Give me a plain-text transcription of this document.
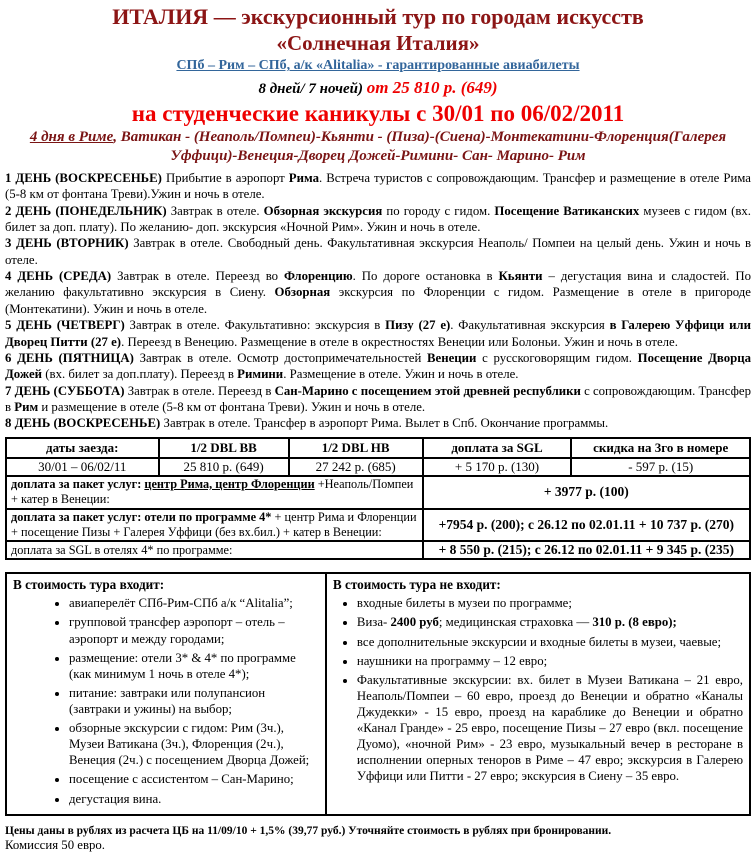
ИТАЛИЯ — экскурсионный тур по городам искусств
«Солнечная Италия»
СПб – Рим – СПб, а/к «Alitalia» - гарантированные авиабилеты
8 дней/ 7 ночей) от 25 810 р. (649)
на студенческие каникулы с 30/01 по 06/02/2011
4 дня в Риме, Ватикан - (Неаполь/Помпеи)-Кьянти - (Пиза)-(Сиена)-Монтекатини-Флоренция(Галерея Уффици)-Венеция-Дворец Дожей-Римини- Сан- Марино- Рим

1 ДЕНЬ (ВОСКРЕСЕНЬЕ) Прибытие в аэропорт Рима. Встреча туристов с сопровождающим. Трансфер и размещение в отеле Рима (5-8 км от фонтана Треви).Ужин и ночь в отеле.

2 ДЕНЬ (ПОНЕДЕЛЬНИК) Завтрак в отеле. Обзорная экскурсия по городу с гидом. Посещение Ватиканских музеев с гидом (вх. билет за доп. плату). По желанию- доп. экскурсия «Ночной Рим». Ужин и ночь в отеле.

3 ДЕНЬ (ВТОРНИК) Завтрак в отеле. Свободный день. Факультативная экскурсия Неаполь/ Помпеи на целый день. Ужин и ночь в отеле.

4 ДЕНЬ (СРЕДА) Завтрак в отеле. Переезд во Флоренцию. По дороге остановка в Кьянти – дегустация вина и сладостей. По желанию факультативно экскурсия в Сиену. Обзорная экскурсия по Флоренции с гидом. Размещение в отеле в пригороде (Монтекатини). Ужин и ночь в отеле.

5 ДЕНЬ (ЧЕТВЕРГ) Завтрак в отеле. Факультативно: экскурсия в Пизу (27 е). Факультативная экскурсия в Галерею Уффици или Дворец Питти (27 е). Переезд в Венецию. Размещение в отеле в окрестностях Венеции или Болоньи. Ужин и ночь в отеле.

6 ДЕНЬ (ПЯТНИЦА) Завтрак в отеле. Осмотр достопримечательностей Венеции с русскоговорящим гидом. Посещение Дворца Дожей (вх. билет за доп.плату). Переезд в Римини. Размещение в отеле. Ужин и ночь в отеле.

7 ДЕНЬ (СУББОТА) Завтрак в отеле. Переезд в Сан-Марино с посещением этой древней республики с сопровождающим. Трансфер в Рим и размещение в отеле (5-8 км от фонтана Треви). Ужин и ночь в отеле.

8 ДЕНЬ (ВОСКРЕСЕНЬЕ) Завтрак в отеле. Трансфер в аэропорт Рима. Вылет в Спб. Окончание программы.

даты заезда:	1/2 DBL BB	1/2 DBL HB	доплата за SGL	скидка на 3го в номере
30/01 – 06/02/11	25 810 р. (649)	27 242 р. (685)	+ 5 170 р. (130)	- 597 р. (15)
доплата за пакет услуг: центр Рима, центр Флоренции +Неаполь/Помпеи + катер в Венеции:			+ 3977 р. (100)	
доплата за пакет услуг: отели по программе 4* + центр Рима и Флоренции + посещение Пизы + Галерея Уффици (без вх.бил.) + катер в Венеции:			+7954 р. (200); с 26.12 по 02.01.11 + 10 737 р. (270)	
доплата за SGL в отелях 4* по программе:			+ 8 550 р. (215); с 26.12 по 02.01.11 + 9 345 р. (235)	

В стоимость тура входит:

• авиаперелёт СПб-Рим-СПб а/к “Alitalia”;
• групповой трансфер аэропорт – отель – аэропорт и между городами;
• размещение: отели 3* & 4* по программе (как минимум 1 ночь в отеле 4*);
• питание: завтраки или полупансион (завтраки и ужины) на выбор;
• обзорные экскурсии с гидом: Рим (3ч.), Музеи Ватикана (3ч.), Флоренция (2ч.), Венеция (2ч.) с посещением Дворца Дожей;
• посещение с ассистентом – Сан-Марино;
• дегустация вина.

В стоимость тура не входит:

• входные билеты в музеи по программе;
• Виза- 2400 руб; медицинская страховка — 310 р. (8 евро);
• все дополнительные экскурсии и входные билеты в музеи, чаевые;
• наушники на программу – 12 евро;
• Факультативные экскурсии: вх. билет в Музеи Ватикана – 21 евро, Неаполь/Помпеи – 60 евро, проезд до Венеции и обратно «Каналы Джудекки» - 15 евро, проезд на караблике до Венеции и обратно «Канал Гранде» - 25 евро, посещение Пизы – 27 евро (вкл. посещение Дуомо), «ночной Рим» - 23 евро, музыкальный вечер в ресторане в исполнении оперных теноров в Риме – 47 евро; экскурсия в Галерею Уффици или Питти - 27 евро; экскурсия в Сиену – 35 евро.

Цены даны в рублях из расчета ЦБ на 11/09/10 + 1,5% (39,77 руб.) Уточняйте стоимость в рублях при бронировании.

Комиссия 50 евро.
